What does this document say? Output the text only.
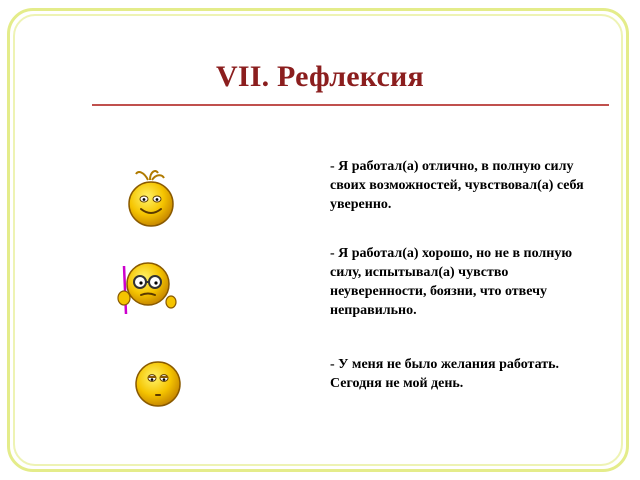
VII. Рефлексия

- Я работал(а) отлично, в полную силу своих возможностей, чувствовал(а) себя уверенно.

- Я работал(а) хорошо, но не в полную силу, испытывал(а) чувство неуверенности, боязни, что отвечу неправильно.

- У меня не было желания работать. Сегодня не мой день.
